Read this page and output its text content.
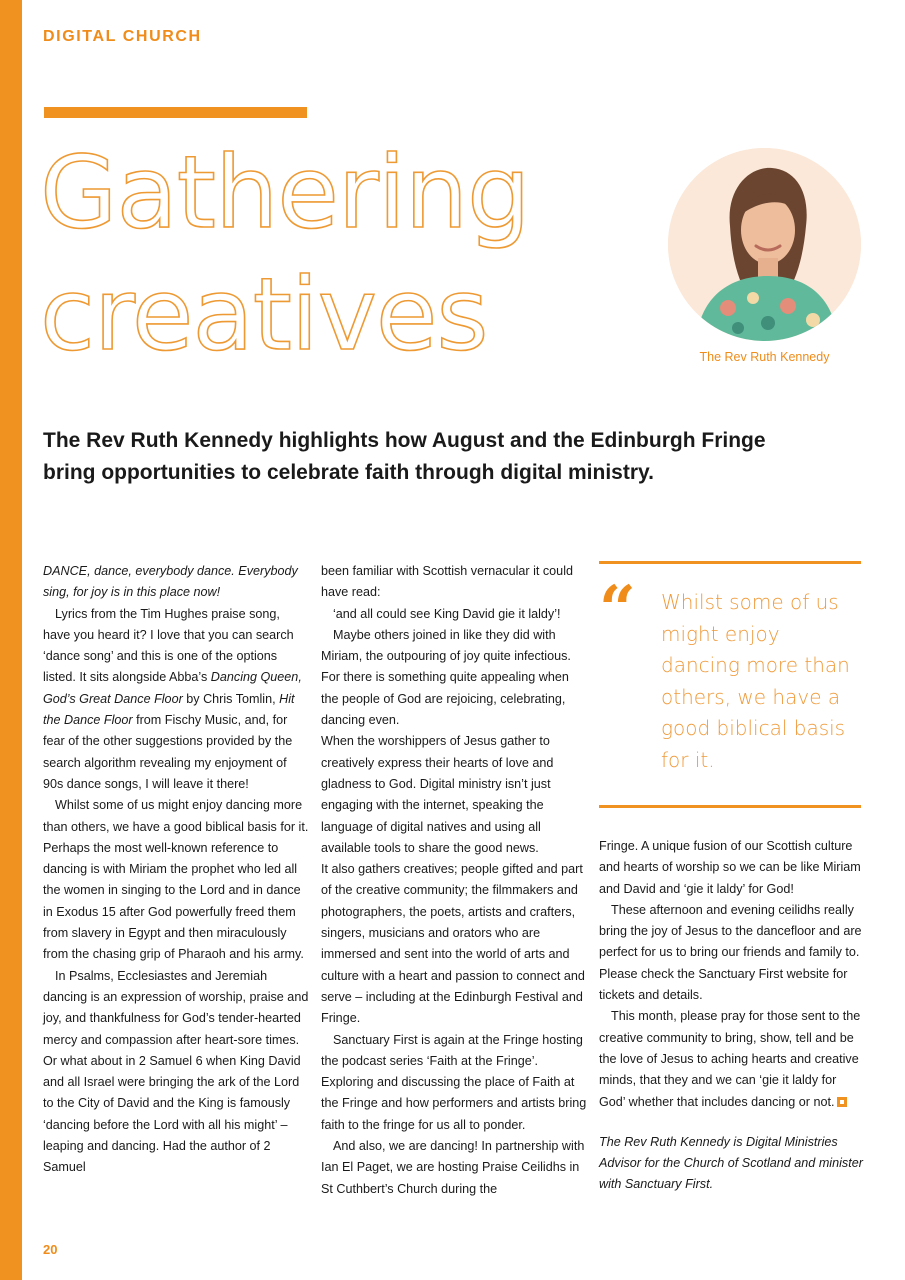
DIGITAL CHURCH
Gathering
creatives	The Rev Ruth Kennedy

The Rev Ruth Kennedy highlights how August and the Edinburgh Fringe bring opportunities to celebrate faith through digital ministry.

DANCE, dance, everybody dance. Everybody sing, for joy is in this place now!

Lyrics from the Tim Hughes praise song, have you heard it? I love that you can search ‘dance song’ and this is one of the options listed. It sits alongside Abba’s Dancing Queen, God’s Great Dance Floor by Chris Tomlin, Hit the Dance Floor from Fischy Music, and, for fear of the other suggestions provided by the search algorithm revealing my enjoyment of 90s dance songs, I will leave it there!

Whilst some of us might enjoy dancing more than others, we have a good biblical basis for it. Perhaps the most well-known reference to dancing is with Miriam the prophet who led all the women in singing to the Lord and in dance in Exodus 15 after God powerfully freed them from slavery in Egypt and then miraculously from the chasing grip of Pharaoh and his army.

In Psalms, Ecclesiastes and Jeremiah dancing is an expression of worship, praise and joy, and thankfulness for God’s tender-hearted mercy and compassion after heart-sore times. Or what about in 2 Samuel 6 when King David and all Israel were bringing the ark of the Lord to the City of David and the King is famously ‘dancing before the Lord with all his might’ – leaping and dancing. Had the author of 2 Samuel

been familiar with Scottish vernacular it could have read:

‘and all could see King David gie it laldy’!

Maybe others joined in like they did with Miriam, the outpouring of joy quite infectious. For there is something quite appealing when the people of God are rejoicing, celebrating, dancing even.

When the worshippers of Jesus gather to creatively express their hearts of love and gladness to God. Digital ministry isn’t just engaging with the internet, speaking the language of digital natives and using all available tools to share the good news.

It also gathers creatives; people gifted and part of the creative community; the filmmakers and photographers, the poets, artists and crafters, singers, musicians and orators who are immersed and sent into the world of arts and culture with a heart and passion to connect and serve – including at the Edinburgh Festival and Fringe.

Sanctuary First is again at the Fringe hosting the podcast series ‘Faith at the Fringe’. Exploring and discussing the place of Faith at the Fringe and how performers and artists bring faith to the fringe for us all to ponder.

And also, we are dancing! In partnership with Ian El Paget, we are hosting Praise Ceilidhs in St Cuthbert’s Church during the

“ Whilst some of us might enjoy dancing more than others, we have a good biblical basis for it.

Fringe. A unique fusion of our Scottish culture and hearts of worship so we can be like Miriam and David and ‘gie it laldy’ for God!

These afternoon and evening ceilidhs really bring the joy of Jesus to the dancefloor and are perfect for us to bring our friends and family to. Please check the Sanctuary First website for tickets and details.

This month, please pray for those sent to the creative community to bring, show, tell and be the love of Jesus to aching hearts and creative minds, that they and we can ‘gie it laldy for God’ whether that includes dancing or not.

The Rev Ruth Kennedy is Digital Ministries Advisor for the Church of Scotland and minister with Sanctuary First.

20
